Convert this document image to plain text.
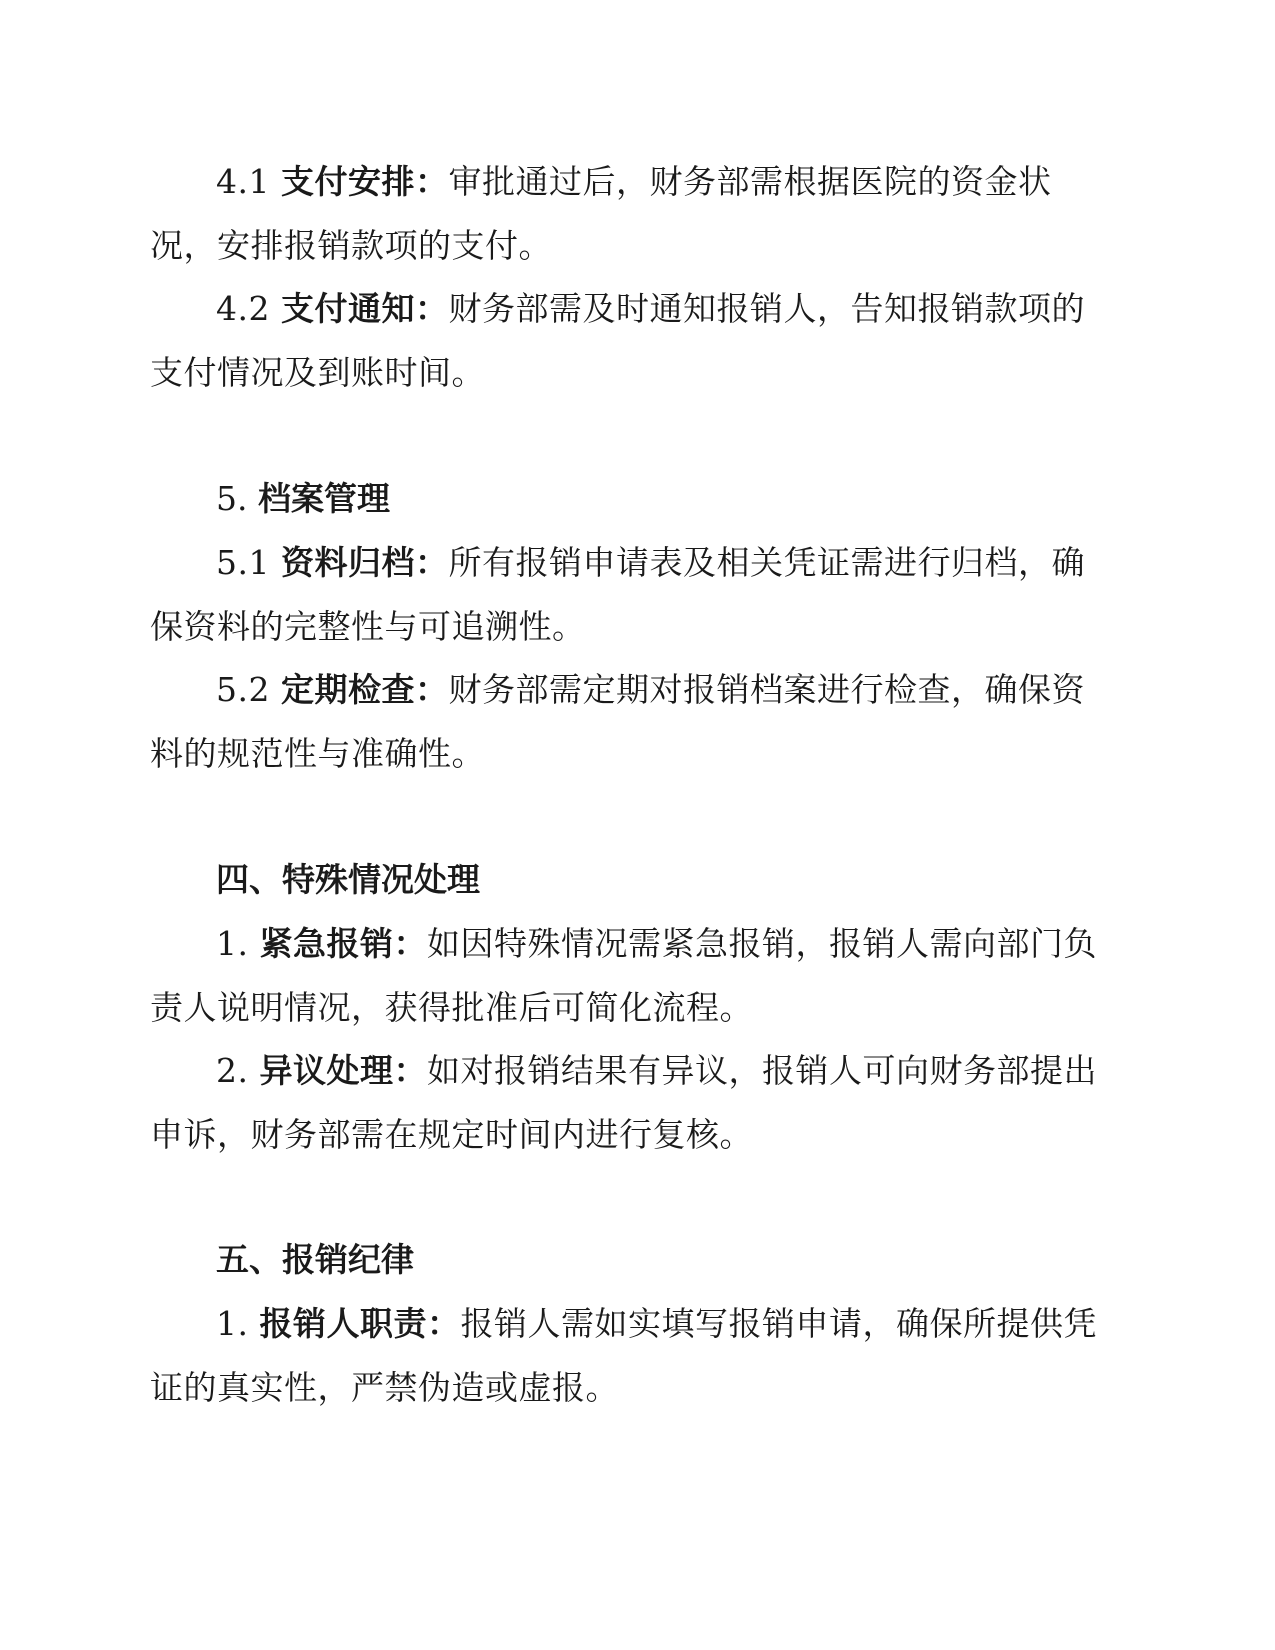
4.1 支付安排：审批通过后，财务部需根据医院的资金状况，安排报销款项的支付。

4.2 支付通知：财务部需及时通知报销人，告知报销款项的支付情况及到账时间。

5. 档案管理

5.1 资料归档：所有报销申请表及相关凭证需进行归档，确保资料的完整性与可追溯性。

5.2 定期检查：财务部需定期对报销档案进行检查，确保资料的规范性与准确性。

四、特殊情况处理

1. 紧急报销：如因特殊情况需紧急报销，报销人需向部门负责人说明情况，获得批准后可简化流程。

2. 异议处理：如对报销结果有异议，报销人可向财务部提出申诉，财务部需在规定时间内进行复核。

五、报销纪律

1. 报销人职责：报销人需如实填写报销申请，确保所提供凭证的真实性，严禁伪造或虚报。
